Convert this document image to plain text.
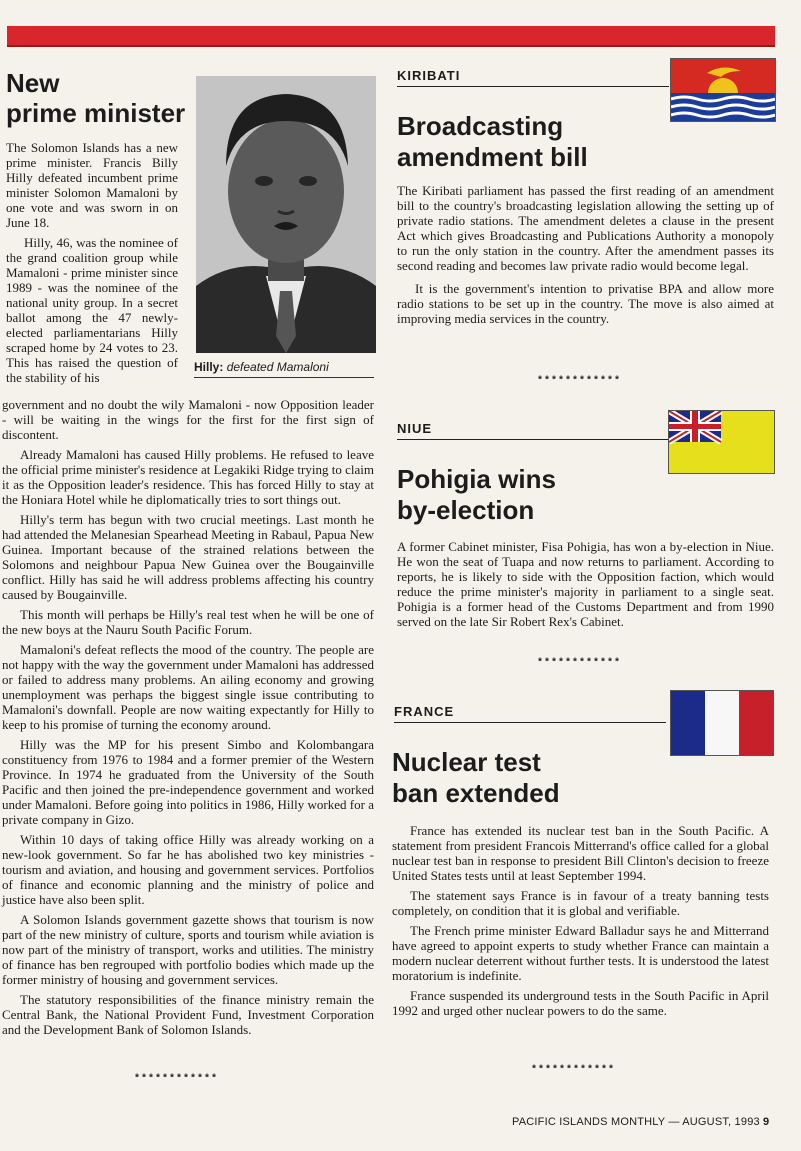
New
prime minister
Hilly: defeated Mamaloni

The Solomon Islands has a new prime minister. Francis Billy Hilly defeated incumbent prime minister Solomon Mamaloni by one vote and was sworn in on June 18.

Hilly, 46, was the nominee of the grand coalition group while Mamaloni - prime minister since 1989 - was the nominee of the national unity group. In a secret ballot among the 47 newly-elected parliamentarians Hilly scraped home by 24 votes to 23. This has raised the question of the stability of his

government and no doubt the wily Mamaloni - now Opposition leader - will be waiting in the wings for the first for the first sign of discontent.

Already Mamaloni has caused Hilly problems. He refused to leave the official prime minister's residence at Legakiki Ridge trying to claim it as the Opposition leader's residence. This has forced Hilly to stay at the Honiara Hotel while he diplomatically tries to sort things out.

Hilly's term has begun with two crucial meetings. Last month he had attended the Melanesian Spearhead Meeting in Rabaul, Papua New Guinea. Important because of the strained relations between the Solomons and neighbour Papua New Guinea over the Bougainville conflict. Hilly has said he will address problems affecting his country caused by Bougainville.

This month will perhaps be Hilly's real test when he will be one of the new boys at the Nauru South Pacific Forum.

Mamaloni's defeat reflects the mood of the country. The people are not happy with the way the government under Mamaloni has addressed or failed to address many problems. An ailing economy and growing unemployment was perhaps the biggest single issue contributing to Mamaloni's downfall. People are now waiting expectantly for Hilly to keep to his promise of turning the economy around.

Hilly was the MP for his present Simbo and Kolombangara constituency from 1976 to 1984 and a former premier of the Western Province. In 1974 he graduated from the University of the South Pacific and then joined the pre-independence government and worked under Mamaloni. Before going into politics in 1986, Hilly worked for a private company in Gizo.

Within 10 days of taking office Hilly was already working on a new-look government. So far he has abolished two key ministries - tourism and aviation, and housing and government services. Portfolios of finance and economic planning and the ministry of police and justice have also been split.

A Solomon Islands government gazette shows that tourism is now part of the new ministry of culture, sports and tourism while aviation is now part of the ministry of transport, works and utilities. The ministry of finance has ben regrouped with portfolio bodies which made up the former ministry of housing and government services.

The statutory responsibilities of the finance ministry remain the Central Bank, the National Provident Fund, Investment Corporation and the Development Bank of Solomon Islands.

************
KIRIBATI
Broadcasting
amendment bill

The Kiribati parliament has passed the first reading of an amendment bill to the country's broadcasting legislation allowing the setting up of private radio stations. The amendment deletes a clause in the present Act which gives Broadcasting and Publications Authority a monopoly to run the only station in the country. After the amendment passes its second reading and becomes law private radio would become legal.

It is the government's intention to privatise BPA and allow more radio stations to be set up in the country. The move is also aimed at improving media services in the country.

************
NIUE
Pohigia wins
by-election

A former Cabinet minister, Fisa Pohigia, has won a by-election in Niue. He won the seat of Tuapa and now returns to parliament. According to reports, he is likely to side with the Opposition faction, which would reduce the prime minister's majority in parliament to a single seat. Pohigia is a former head of the Customs Department and from 1990 served on the late Sir Robert Rex's Cabinet.

************
FRANCE
Nuclear test
ban extended

France has extended its nuclear test ban in the South Pacific. A statement from president Francois Mitterrand's office called for a global nuclear test ban in response to president Bill Clinton's decision to freeze United States tests until at least September 1994.

The statement says France is in favour of a treaty banning tests completely, on condition that it is global and verifiable.

The French prime minister Edward Balladur says he and Mitterrand have agreed to appoint experts to study whether France can maintain a modern nuclear deterrent without further tests. It is understood the latest moratorium is indefinite.

France suspended its underground tests in the South Pacific in April 1992 and urged other nuclear powers to do the same.

************
PACIFIC ISLANDS MONTHLY — AUGUST, 1993 9
